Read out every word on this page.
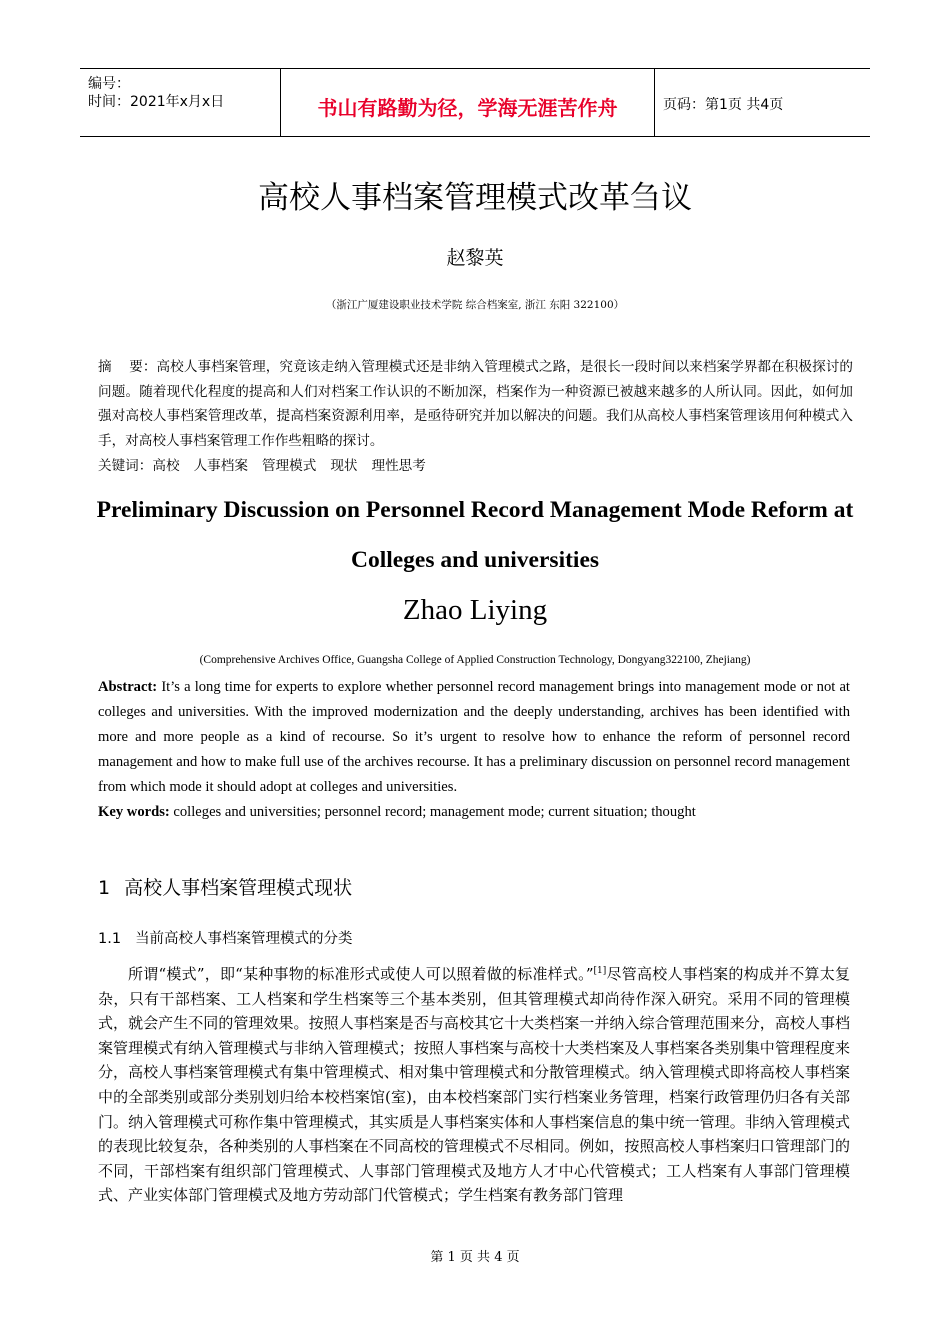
编号：
时间：2021年x月x日	书山有路勤为径，学海无涯苦作舟	页码：第1页 共4页
高校人事档案管理模式改革刍议
赵黎英
（浙江广厦建设职业技术学院 综合档案室, 浙江 东阳 322100）
摘    要：高校人事档案管理，究竟该走纳入管理模式还是非纳入管理模式之路，是很长一段时间以来档案学界都在积极探讨的问题。随着现代化程度的提高和人们对档案工作认识的不断加深，档案作为一种资源已被越来越多的人所认同。因此，如何加强对高校人事档案管理改革，提高档案资源利用率，是亟待研究并加以解决的问题。我们从高校人事档案管理该用何种模式入手，对高校人事档案管理工作作些粗略的探讨。
关键词：高校 人事档案 管理模式 现状 理性思考
Preliminary Discussion on Personnel Record Management Mode Reform at Colleges and universities
Zhao Liying
(Comprehensive Archives Office, Guangsha College of Applied Construction Technology, Dongyang322100, Zhejiang)
Abstract: It’s a long time for experts to explore whether personnel record management brings into management mode or not at colleges and universities. With the improved modernization and the deeply understanding, archives has been identified with more and more people as a kind of recourse. So it’s urgent to resolve how to enhance the reform of personnel record management and how to make full use of the archives recourse. It has a preliminary discussion on personnel record management from which mode it should adopt at colleges and universities.
Key words: colleges and universities; personnel record; management mode; current situation; thought
1 高校人事档案管理模式现状
1.1 当前高校人事档案管理模式的分类
所谓“模式”，即“某种事物的标准形式或使人可以照着做的标准样式。”[1]尽管高校人事档案的构成并不算太复杂，只有干部档案、工人档案和学生档案等三个基本类别，但其管理模式却尚待作深入研究。采用不同的管理模式，就会产生不同的管理效果。按照人事档案是否与高校其它十大类档案一并纳入综合管理范围来分，高校人事档案管理模式有纳入管理模式与非纳入管理模式；按照人事档案与高校十大类档案及人事档案各类别集中管理程度来分，高校人事档案管理模式有集中管理模式、相对集中管理模式和分散管理模式。纳入管理模式即将高校人事档案中的全部类别或部分类别划归给本校档案馆(室)，由本校档案部门实行档案业务管理，档案行政管理仍归各有关部门。纳入管理模式可称作集中管理模式，其实质是人事档案实体和人事档案信息的集中统一管理。非纳入管理模式的表现比较复杂，各种类别的人事档案在不同高校的管理模式不尽相同。例如，按照高校人事档案归口管理部门的不同，干部档案有组织部门管理模式、人事部门管理模式及地方人才中心代管模式；工人档案有人事部门管理模式、产业实体部门管理模式及地方劳动部门代管模式；学生档案有教务部门管理
第 1 页 共 4 页
